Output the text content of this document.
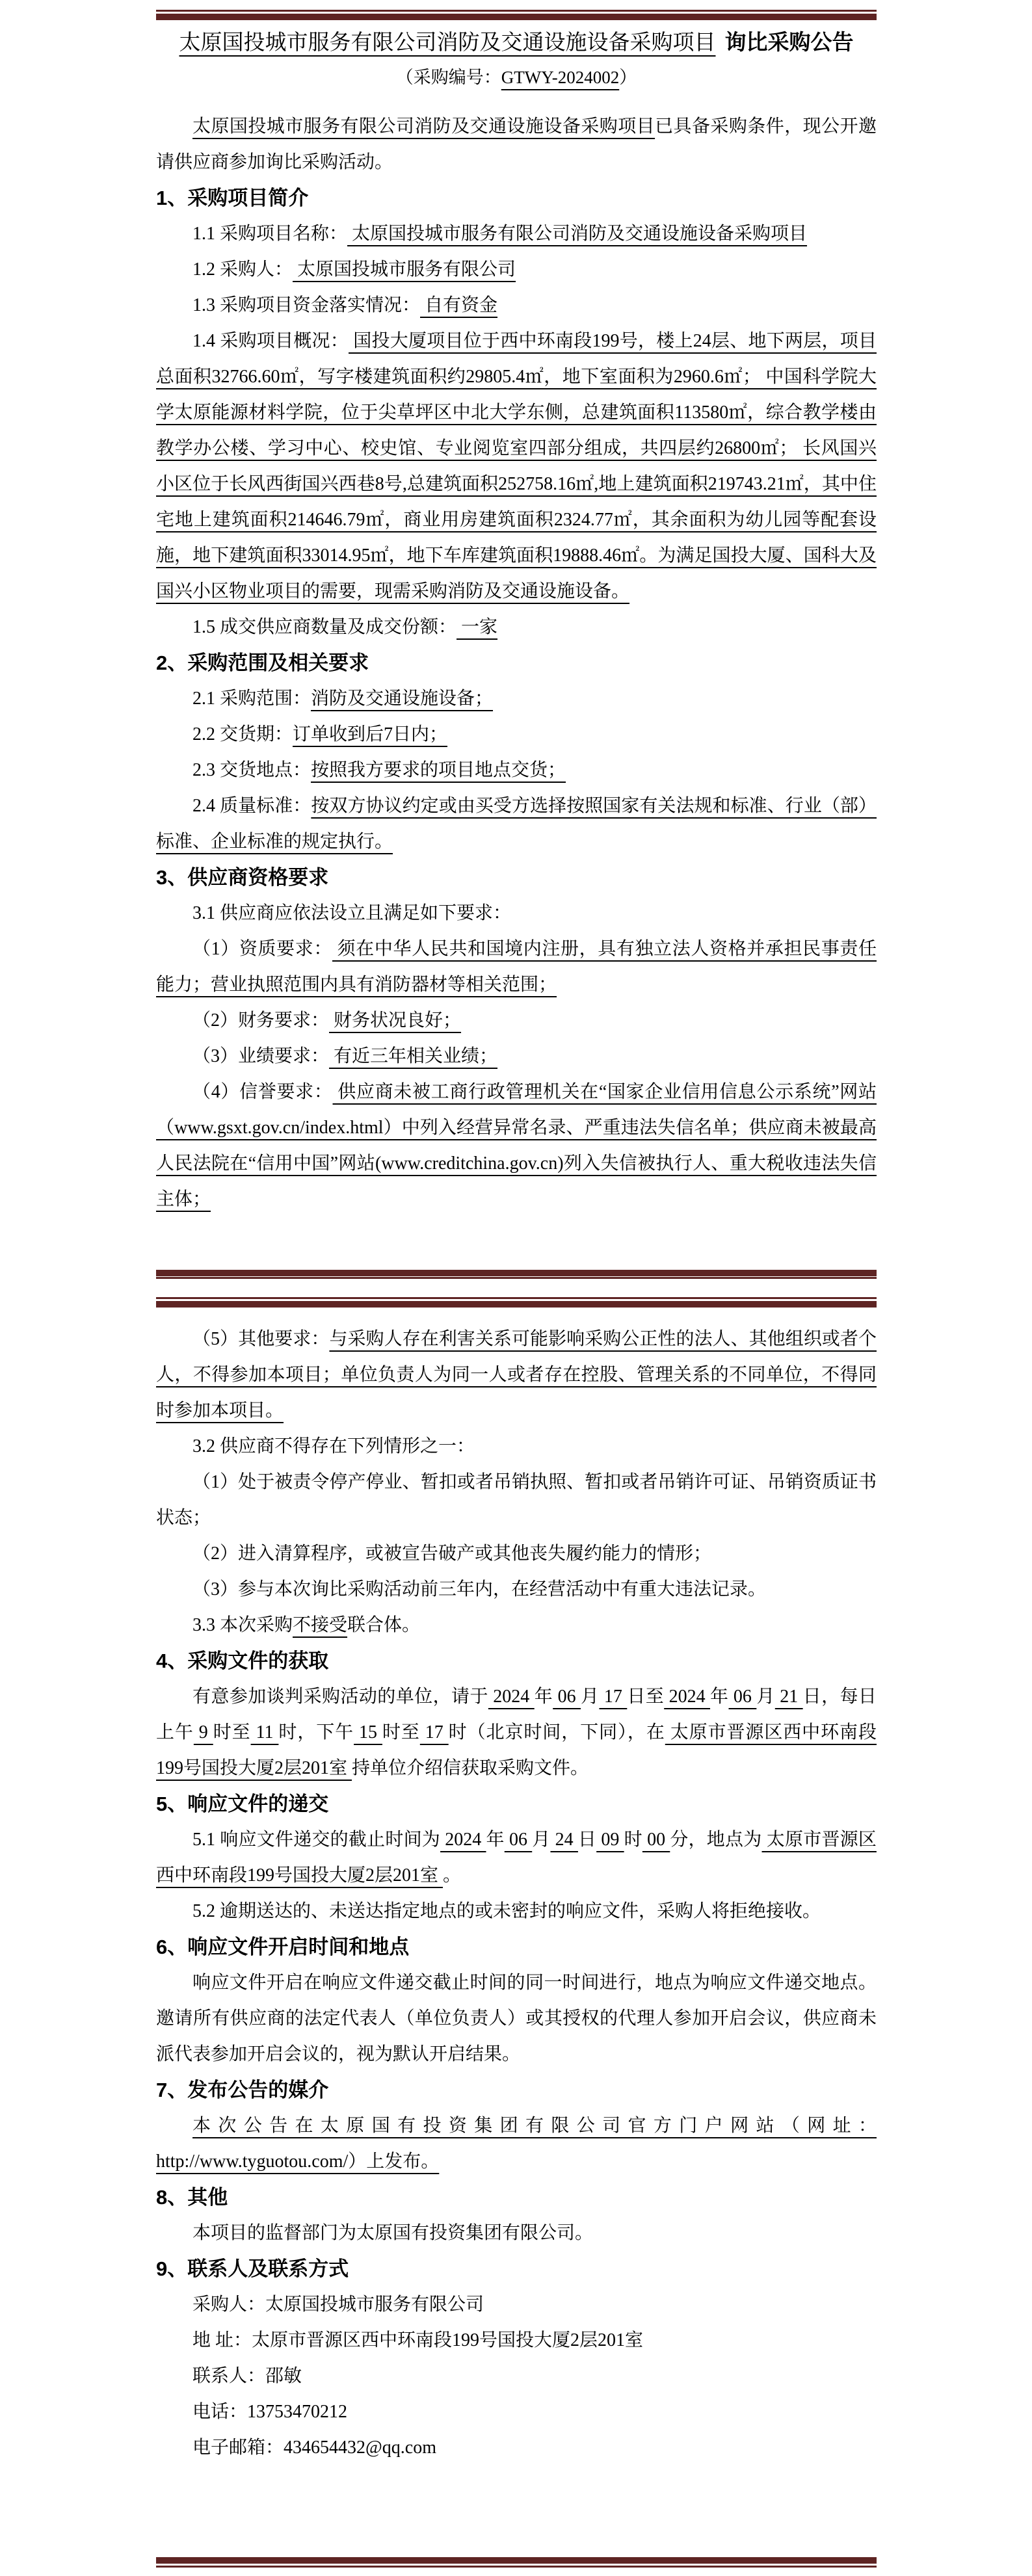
太原国投城市服务有限公司消防及交通设施设备采购项目 询比采购公告

（采购编号：GTWY-2024002）

太原国投城市服务有限公司消防及交通设施设备采购项目已具备采购条件，现公开邀请供应商参加询比采购活动。

1、采购项目简介

1.1 采购项目名称： 太原国投城市服务有限公司消防及交通设施设备采购项目

1.2 采购人： 太原国投城市服务有限公司

1.3 采购项目资金落实情况： 自有资金

1.4 采购项目概况： 国投大厦项目位于西中环南段199号，楼上24层、地下两层，项目总面积32766.60㎡，写字楼建筑面积约29805.4㎡，地下室面积为2960.6㎡； 中国科学院大学太原能源材料学院，位于尖草坪区中北大学东侧，总建筑面积113580㎡，综合教学楼由教学办公楼、学习中心、校史馆、专业阅览室四部分组成，共四层约26800㎡； 长风国兴小区位于长风西街国兴西巷8号,总建筑面积252758.16㎡,地上建筑面积219743.21㎡，其中住宅地上建筑面积214646.79㎡，商业用房建筑面积2324.77㎡，其余面积为幼儿园等配套设施，地下建筑面积33014.95㎡，地下车库建筑面积19888.46㎡。为满足国投大厦、国科大及国兴小区物业项目的需要，现需采购消防及交通设施设备。

1.5 成交供应商数量及成交份额： 一家

2、采购范围及相关要求

2.1 采购范围：消防及交通设施设备；

2.2 交货期：订单收到后7日内；

2.3 交货地点：按照我方要求的项目地点交货；

2.4 质量标准：按双方协议约定或由买受方选择按照国家有关法规和标准、行业（部）标准、企业标准的规定执行。

3、供应商资格要求

3.1 供应商应依法设立且满足如下要求：

（1）资质要求： 须在中华人民共和国境内注册，具有独立法人资格并承担民事责任能力；营业执照范围内具有消防器材等相关范围；

（2）财务要求： 财务状况良好；

（3）业绩要求： 有近三年相关业绩；

（4）信誉要求： 供应商未被工商行政管理机关在“国家企业信用信息公示系统”网站（www.gsxt.gov.cn/index.html）中列入经营异常名录、严重违法失信名单；供应商未被最高人民法院在“信用中国”网站(www.creditchina.gov.cn)列入失信被执行人、重大税收违法失信主体；

（5）其他要求：与采购人存在利害关系可能影响采购公正性的法人、其他组织或者个人，不得参加本项目；单位负责人为同一人或者存在控股、管理关系的不同单位，不得同时参加本项目。

3.2 供应商不得存在下列情形之一：

（1）处于被责令停产停业、暂扣或者吊销执照、暂扣或者吊销许可证、吊销资质证书状态；

（2）进入清算程序，或被宣告破产或其他丧失履约能力的情形；

（3）参与本次询比采购活动前三年内，在经营活动中有重大违法记录。

3.3 本次采购不接受联合体。

4、采购文件的获取

有意参加谈判采购活动的单位，请于 2024 年 06 月 17 日至 2024 年 06 月 21 日，每日上午 9 时至 11 时，下午 15 时至 17 时（北京时间，下同），在 太原市晋源区西中环南段199号国投大厦2层201室 持单位介绍信获取采购文件。

5、响应文件的递交

5.1 响应文件递交的截止时间为 2024 年 06 月 24 日 09 时 00 分，地点为 太原市晋源区西中环南段199号国投大厦2层201室 。

5.2 逾期送达的、未送达指定地点的或未密封的响应文件，采购人将拒绝接收。

6、响应文件开启时间和地点

响应文件开启在响应文件递交截止时间的同一时间进行，地点为响应文件递交地点。邀请所有供应商的法定代表人（单位负责人）或其授权的代理人参加开启会议，供应商未派代表参加开启会议的，视为默认开启结果。

7、发布公告的媒介

本次公告在太原国有投资集团有限公司官方门户网站（网址：http://www.tyguotou.com/）上发布。

8、其他

本项目的监督部门为太原国有投资集团有限公司。

9、联系人及联系方式

采购人：太原国投城市服务有限公司

地 址：太原市晋源区西中环南段199号国投大厦2层201室

联系人：邵敏

电话：13753470212

电子邮箱：434654432@qq.com
